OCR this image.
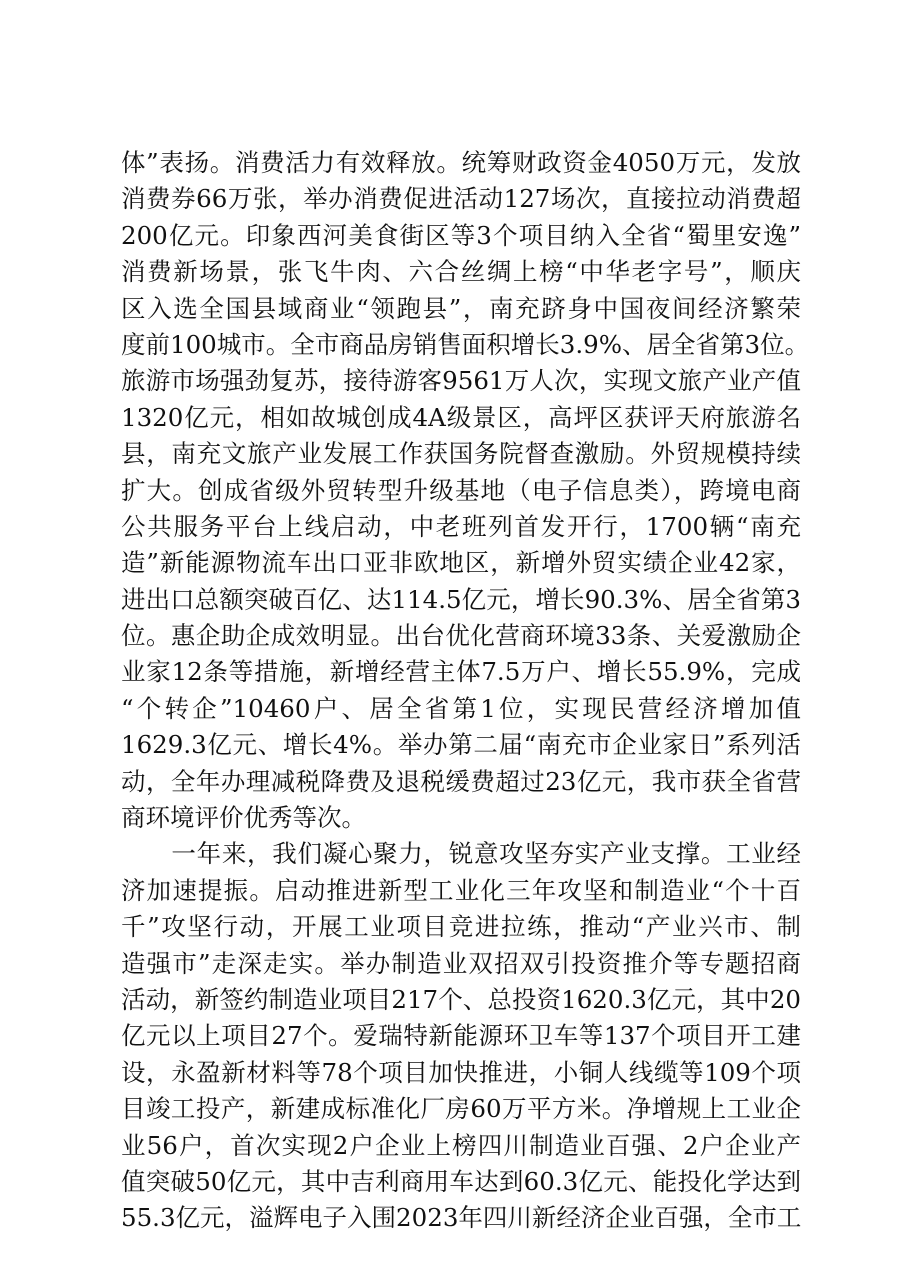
体”表扬。消费活力有效释放。统筹财政资金4050万元，发放
消费券66万张，举办消费促进活动127场次，直接拉动消费超
200亿元。印象西河美食街区等3个项目纳入全省“蜀里安逸”
消费新场景，张飞牛肉、六合丝绸上榜“中华老字号”，顺庆
区入选全国县域商业“领跑县”，南充跻身中国夜间经济繁荣
度前100城市。全市商品房销售面积增长3.9%、居全省第3位。
旅游市场强劲复苏，接待游客9561万人次，实现文旅产业产值
1320亿元，相如故城创成4A级景区，高坪区获评天府旅游名
县，南充文旅产业发展工作获国务院督查激励。外贸规模持续
扩大。创成省级外贸转型升级基地（电子信息类），跨境电商
公共服务平台上线启动，中老班列首发开行，1700辆“南充
造”新能源物流车出口亚非欧地区，新增外贸实绩企业42家，
进出口总额突破百亿、达114.5亿元，增长90.3%、居全省第3
位。惠企助企成效明显。出台优化营商环境33条、关爱激励企
业家12条等措施，新增经营主体7.5万户、增长55.9%，完成
“个转企”10460户、居全省第1位，实现民营经济增加值
1629.3亿元、增长4%。举办第二届“南充市企业家日”系列活
动，全年办理减税降费及退税缓费超过23亿元，我市获全省营
商环境评价优秀等次。
　　一年来，我们凝心聚力，锐意攻坚夯实产业支撑。工业经
济加速提振。启动推进新型工业化三年攻坚和制造业“个十百
千”攻坚行动，开展工业项目竞进拉练，推动“产业兴市、制
造强市”走深走实。举办制造业双招双引投资推介等专题招商
活动，新签约制造业项目217个、总投资1620.3亿元，其中20
亿元以上项目27个。爱瑞特新能源环卫车等137个项目开工建
设，永盈新材料等78个项目加快推进，小铜人线缆等109个项
目竣工投产，新建成标准化厂房60万平方米。净增规上工业企
业56户，首次实现2户企业上榜四川制造业百强、2户企业产
值突破50亿元，其中吉利商用车达到60.3亿元、能投化学达到
55.3亿元，溢辉电子入围2023年四川新经济企业百强，全市工
